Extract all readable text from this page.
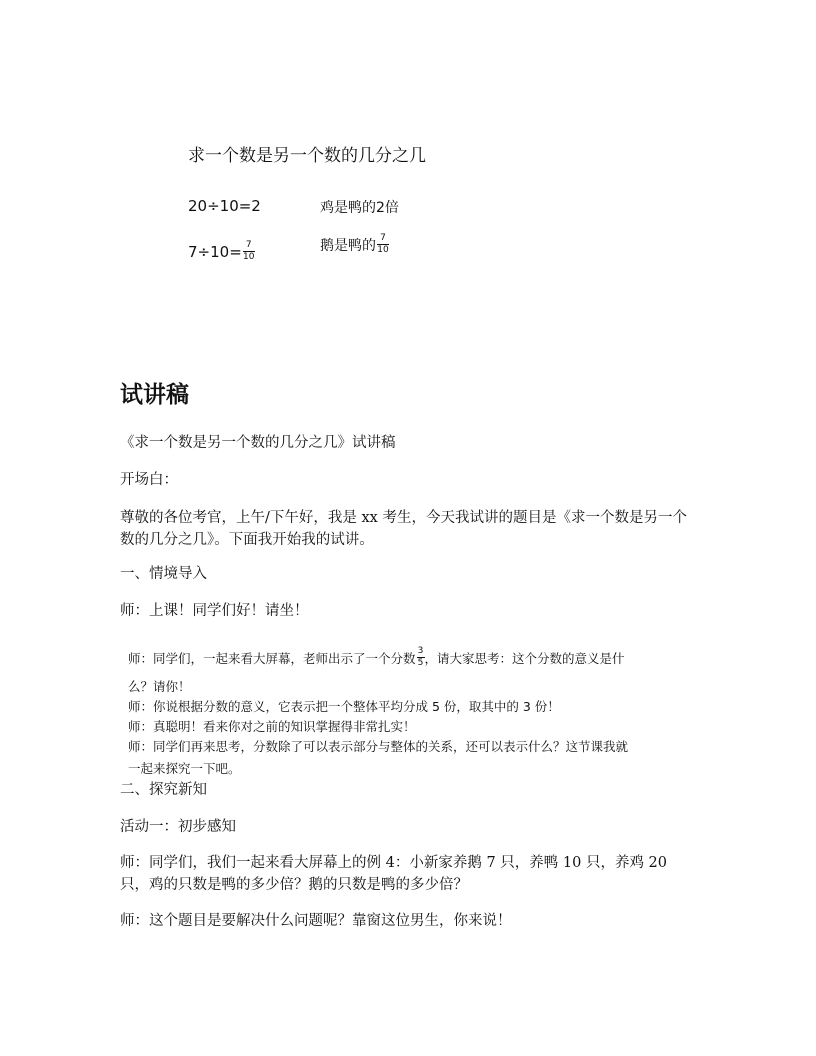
求一个数是另一个数的几分之几
20÷10=2	鸡是鸭的2倍
$7\div 10= \frac{7}{10}$	鹅是鸭的 $\frac{7}{10}$
试讲稿
《求一个数是另一个数的几分之几》试讲稿
开场白：
尊敬的各位考官，上午/下午好，我是 xx 考生，今天我试讲的题目是《求一个数是另一个数的几分之几》。下面我开始我的试讲。
一、情境导入
师：上课！同学们好！请坐！
师：同学们，一起来看大屏幕，老师出示了一个分数 $\frac{3}{5}$ ，请大家思考：这个分数的意义是什
么？请你！
师：你说根据分数的意义，它表示把一个整体平均分成 5 份，取其中的 3 份！
师：真聪明！看来你对之前的知识掌握得非常扎实！
师：同学们再来思考，分数除了可以表示部分与整体的关系，还可以表示什么？这节课我就
一起来探究一下吧。
二、探究新知
活动一：初步感知
师：同学们，我们一起来看大屏幕上的例 4：小新家养鹅 7 只，养鸭 10 只，养鸡 20 只，鸡的只数是鸭的多少倍？鹅的只数是鸭的多少倍？
师：这个题目是要解决什么问题呢？靠窗这位男生，你来说！
